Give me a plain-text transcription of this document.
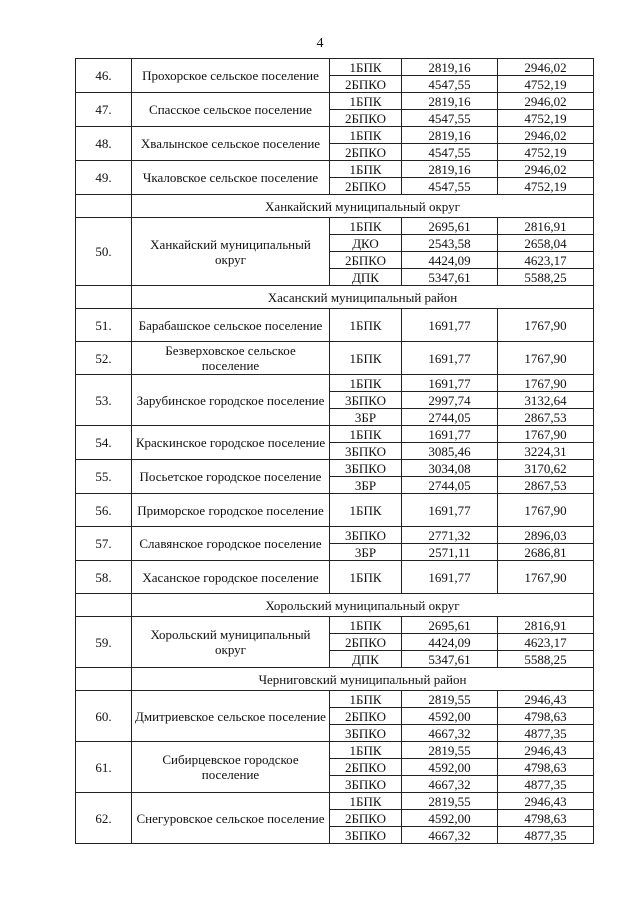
4
46.	Прохорское сельское поселение	1БПК	2819,16	2946,02
		2БПКО	4547,55	4752,19
47.	Спасское сельское поселение	1БПК	2819,16	2946,02
		2БПКО	4547,55	4752,19
48.	Хвалынское сельское поселение	1БПК	2819,16	2946,02
		2БПКО	4547,55	4752,19
49.	Чкаловское сельское поселение	1БПК	2819,16	2946,02
		2БПКО	4547,55	4752,19
	Ханкайский муниципальный округ			
50.	Ханкайский муниципальный округ	1БПК	2695,61	2816,91
		ДКО	2543,58	2658,04
		2БПКО	4424,09	4623,17
		ДПК	5347,61	5588,25
	Хасанский муниципальный район			
51.	Барабашское сельское поселение	1БПК	1691,77	1767,90
52.	Безверховское сельское поселение	1БПК	1691,77	1767,90
53.	Зарубинское городское поселение	1БПК	1691,77	1767,90
		3БПКО	2997,74	3132,64
		3БР	2744,05	2867,53
54.	Краскинское городское поселение	1БПК	1691,77	1767,90
		3БПКО	3085,46	3224,31
55.	Посьетское городское поселение	3БПКО	3034,08	3170,62
		3БР	2744,05	2867,53
56.	Приморское городское поселение	1БПК	1691,77	1767,90
57.	Славянское городское поселение	3БПКО	2771,32	2896,03
		3БР	2571,11	2686,81
58.	Хасанское городское поселение	1БПК	1691,77	1767,90
	Хорольский муниципальный округ			
59.	Хорольский муниципальный округ	1БПК	2695,61	2816,91
		2БПКО	4424,09	4623,17
		ДПК	5347,61	5588,25
	Черниговский муниципальный район			
60.	Дмитриевское сельское поселение	1БПК	2819,55	2946,43
		2БПКО	4592,00	4798,63
		3БПКО	4667,32	4877,35
61.	Сибирцевское городское поселение	1БПК	2819,55	2946,43
		2БПКО	4592,00	4798,63
		3БПКО	4667,32	4877,35
62.	Снегуровское сельское поселение	1БПК	2819,55	2946,43
		2БПКО	4592,00	4798,63
		3БПКО	4667,32	4877,35
